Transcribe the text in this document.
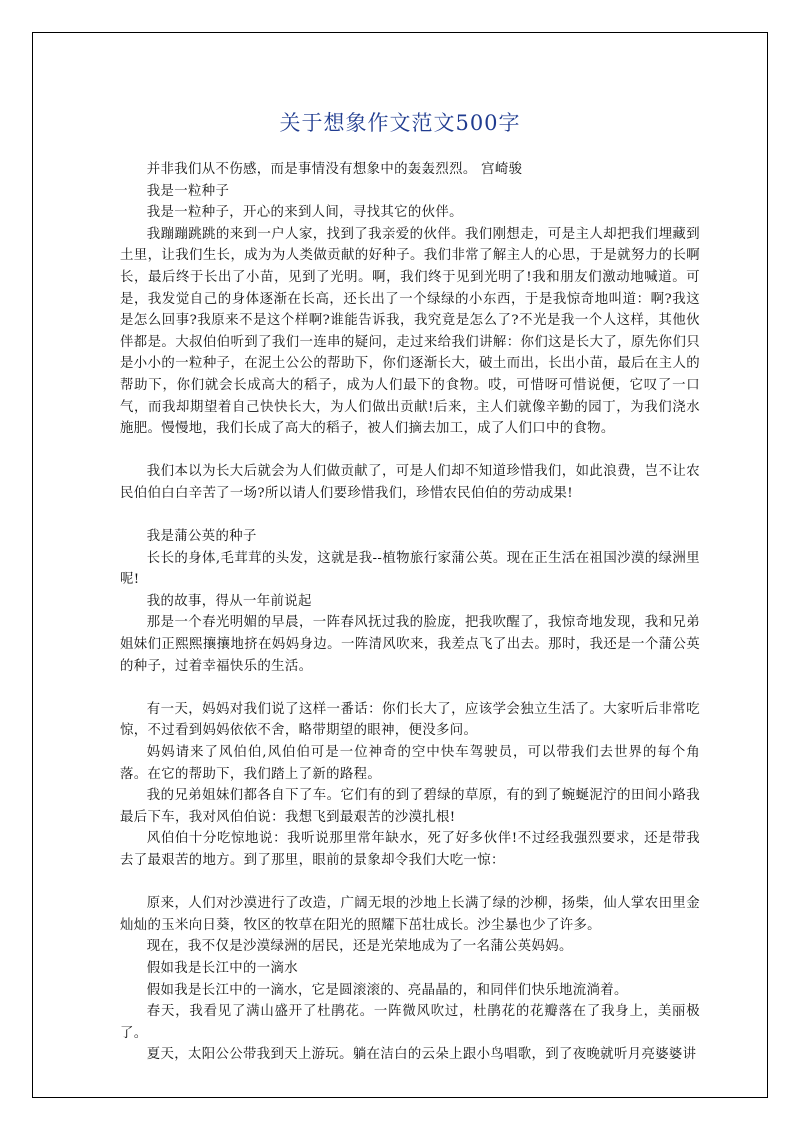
关于想象作文范文500字

并非我们从不伤感，而是事情没有想象中的轰轰烈烈。 宫崎骏

我是一粒种子

我是一粒种子，开心的来到人间，寻找其它的伙伴。

我蹦蹦跳跳的来到一户人家，找到了我亲爱的伙伴。我们刚想走，可是主人却把我们埋藏到土里，让我们生长，成为为人类做贡献的好种子。我们非常了解主人的心思，于是就努力的长啊长，最后终于长出了小苗，见到了光明。啊，我们终于见到光明了!我和朋友们激动地喊道。可是，我发觉自己的身体逐渐在长高，还长出了一个绿绿的小东西，于是我惊奇地叫道：啊?我这是怎么回事?我原来不是这个样啊?谁能告诉我，我究竟是怎么了?不光是我一个人这样，其他伙伴都是。大叔伯伯听到了我们一连串的疑问，走过来给我们讲解：你们这是长大了，原先你们只是小小的一粒种子，在泥土公公的帮助下，你们逐渐长大，破土而出，长出小苗，最后在主人的帮助下，你们就会长成高大的稻子，成为人们最下的食物。哎，可惜呀可惜说便，它叹了一口气，而我却期望着自己快快长大，为人们做出贡献!后来，主人们就像辛勤的园丁，为我们浇水施肥。慢慢地，我们长成了高大的稻子，被人们摘去加工，成了人们口中的食物。

我们本以为长大后就会为人们做贡献了，可是人们却不知道珍惜我们，如此浪费，岂不让农民伯伯白白辛苦了一场?所以请人们要珍惜我们，珍惜农民伯伯的劳动成果!

我是蒲公英的种子

长长的身体,毛茸茸的头发，这就是我--植物旅行家蒲公英。现在正生活在祖国沙漠的绿洲里呢!

我的故事，得从一年前说起

那是一个春光明媚的早晨，一阵春风抚过我的脸庞，把我吹醒了，我惊奇地发现，我和兄弟姐妹们正熙熙攘攘地挤在妈妈身边。一阵清风吹来，我差点飞了出去。那时，我还是一个蒲公英的种子，过着幸福快乐的生活。

有一天，妈妈对我们说了这样一番话：你们长大了，应该学会独立生活了。大家听后非常吃惊，不过看到妈妈依依不舍，略带期望的眼神，便没多问。

妈妈请来了风伯伯,风伯伯可是一位神奇的空中快车驾驶员，可以带我们去世界的每个角落。在它的帮助下，我们踏上了新的路程。

我的兄弟姐妹们都各自下了车。它们有的到了碧绿的草原，有的到了蜿蜒泥泞的田间小路我最后下车，我对风伯伯说：我想飞到最艰苦的沙漠扎根!

风伯伯十分吃惊地说：我听说那里常年缺水，死了好多伙伴!不过经我强烈要求，还是带我去了最艰苦的地方。到了那里，眼前的景象却令我们大吃一惊：

原来，人们对沙漠进行了改造，广阔无垠的沙地上长满了绿的沙柳，扬柴，仙人掌农田里金灿灿的玉米向日葵，牧区的牧草在阳光的照耀下茁壮成长。沙尘暴也少了许多。

现在，我不仅是沙漠绿洲的居民，还是光荣地成为了一名蒲公英妈妈。

假如我是长江中的一滴水

假如我是长江中的一滴水，它是圆滚滚的、亮晶晶的，和同伴们快乐地流淌着。

春天，我看见了满山盛开了杜鹃花。一阵微风吹过，杜鹃花的花瓣落在了我身上，美丽极了。

夏天，太阳公公带我到天上游玩。躺在洁白的云朵上跟小鸟唱歌，到了夜晚就听月亮婆婆讲
